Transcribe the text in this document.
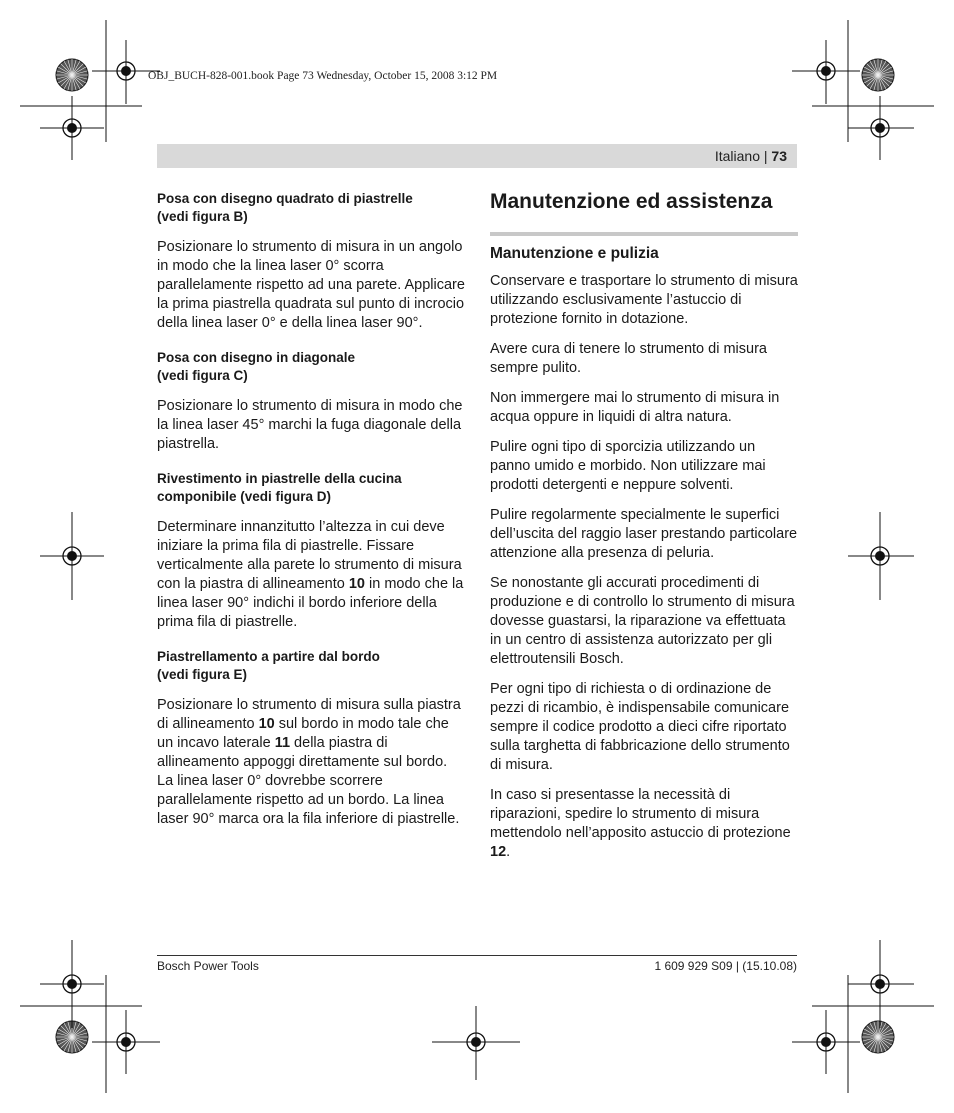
OBJ_BUCH-828-001.book Page 73 Wednesday, October 15, 2008 3:12 PM
Italiano | 73
Posa con disegno quadrato di piastrelle
(vedi figura B)

Posizionare lo strumento di misura in un angolo in modo che la linea laser 0° scorra parallelamente rispetto ad una parete. Applicare la prima piastrella quadrata sul punto di incrocio della linea laser 0° e della linea laser 90°.

Posa con disegno in diagonale
(vedi figura C)

Posizionare lo strumento di misura in modo che la linea laser 45° marchi la fuga diagonale della piastrella.

Rivestimento in piastrelle della cucina
componibile (vedi figura D)

Determinare innanzitutto l’altezza in cui deve iniziare la prima fila di piastrelle. Fissare verticalmente alla parete lo strumento di misura con la piastra di allineamento 10 in modo che la linea laser 90° indichi il bordo inferiore della prima fila di piastrelle.

Piastrellamento a partire dal bordo
(vedi figura E)

Posizionare lo strumento di misura sulla piastra di allineamento 10 sul bordo in modo tale che un incavo laterale 11 della piastra di allineamento appoggi direttamente sul bordo. La linea laser 0° dovrebbe scorrere parallelamente rispetto ad un bordo. La linea laser 90° marca ora la fila inferiore di piastrelle.

Manutenzione ed assistenza
Manutenzione e pulizia

Conservare e trasportare lo strumento di misura utilizzando esclusivamente l’astuccio di protezione fornito in dotazione.

Avere cura di tenere lo strumento di misura sempre pulito.

Non immergere mai lo strumento di misura in acqua oppure in liquidi di altra natura.

Pulire ogni tipo di sporcizia utilizzando un panno umido e morbido. Non utilizzare mai prodotti detergenti e neppure solventi.

Pulire regolarmente specialmente le superfici dell’uscita del raggio laser prestando particolare attenzione alla presenza di peluria.

Se nonostante gli accurati procedimenti di produzione e di controllo lo strumento di misura dovesse guastarsi, la riparazione va effettuata in un centro di assistenza autorizzato per gli elettroutensili Bosch.

Per ogni tipo di richiesta o di ordinazione de pezzi di ricambio, è indispensabile comunicare sempre il codice prodotto a dieci cifre riportato sulla targhetta di fabbricazione dello strumento di misura.

In caso si presentasse la necessità di riparazioni, spedire lo strumento di misura mettendolo nell’apposito astuccio di protezione 12.

Bosch Power Tools	1 609 929 S09 | (15.10.08)
